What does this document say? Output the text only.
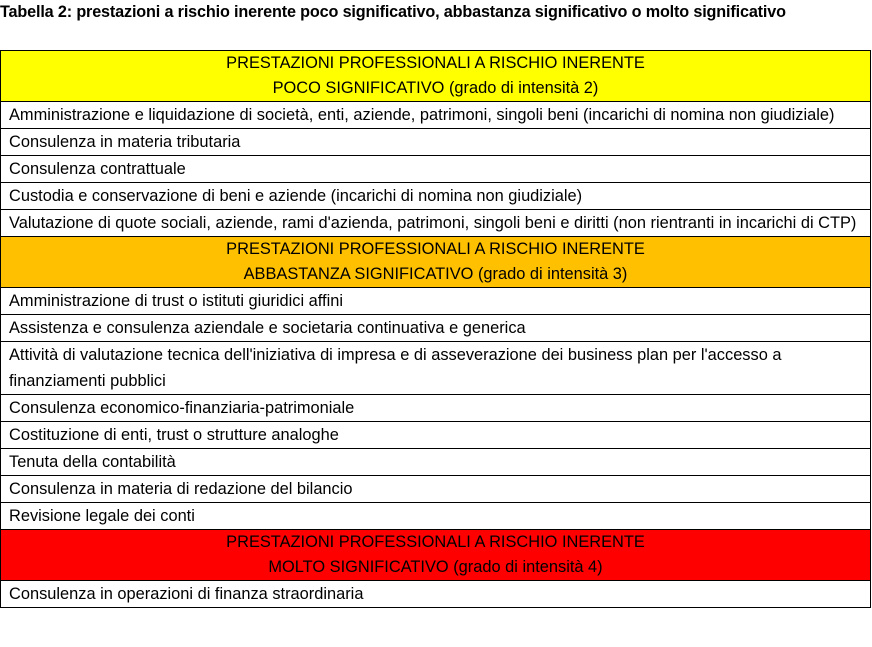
Tabella 2: prestazioni a rischio inerente poco significativo, abbastanza significativo o molto significativo
PRESTAZIONI PROFESSIONALI A RISCHIO INERENTE
POCO SIGNIFICATIVO (grado di intensità 2)

Amministrazione e liquidazione di società, enti, aziende, patrimoni, singoli beni (incarichi di nomina non giudiziale)

Consulenza in materia tributaria

Consulenza contrattuale

Custodia e conservazione di beni e aziende (incarichi di nomina non giudiziale)

Valutazione di quote sociali, aziende, rami d'azienda, patrimoni, singoli beni e diritti (non rientranti in incarichi di CTP)

PRESTAZIONI PROFESSIONALI A RISCHIO INERENTE
ABBASTANZA SIGNIFICATIVO (grado di intensità 3)

Amministrazione di trust o istituti giuridici affini

Assistenza e consulenza aziendale e societaria continuativa e generica

Attività di valutazione tecnica dell'iniziativa di impresa e di asseverazione dei business plan per l'accesso a finanziamenti pubblici

Consulenza economico-finanziaria-patrimoniale

Costituzione di enti, trust o strutture analoghe

Tenuta della contabilità

Consulenza in materia di redazione del bilancio

Revisione legale dei conti

PRESTAZIONI PROFESSIONALI A RISCHIO INERENTE
MOLTO SIGNIFICATIVO (grado di intensità 4)

Consulenza in operazioni di finanza straordinaria
